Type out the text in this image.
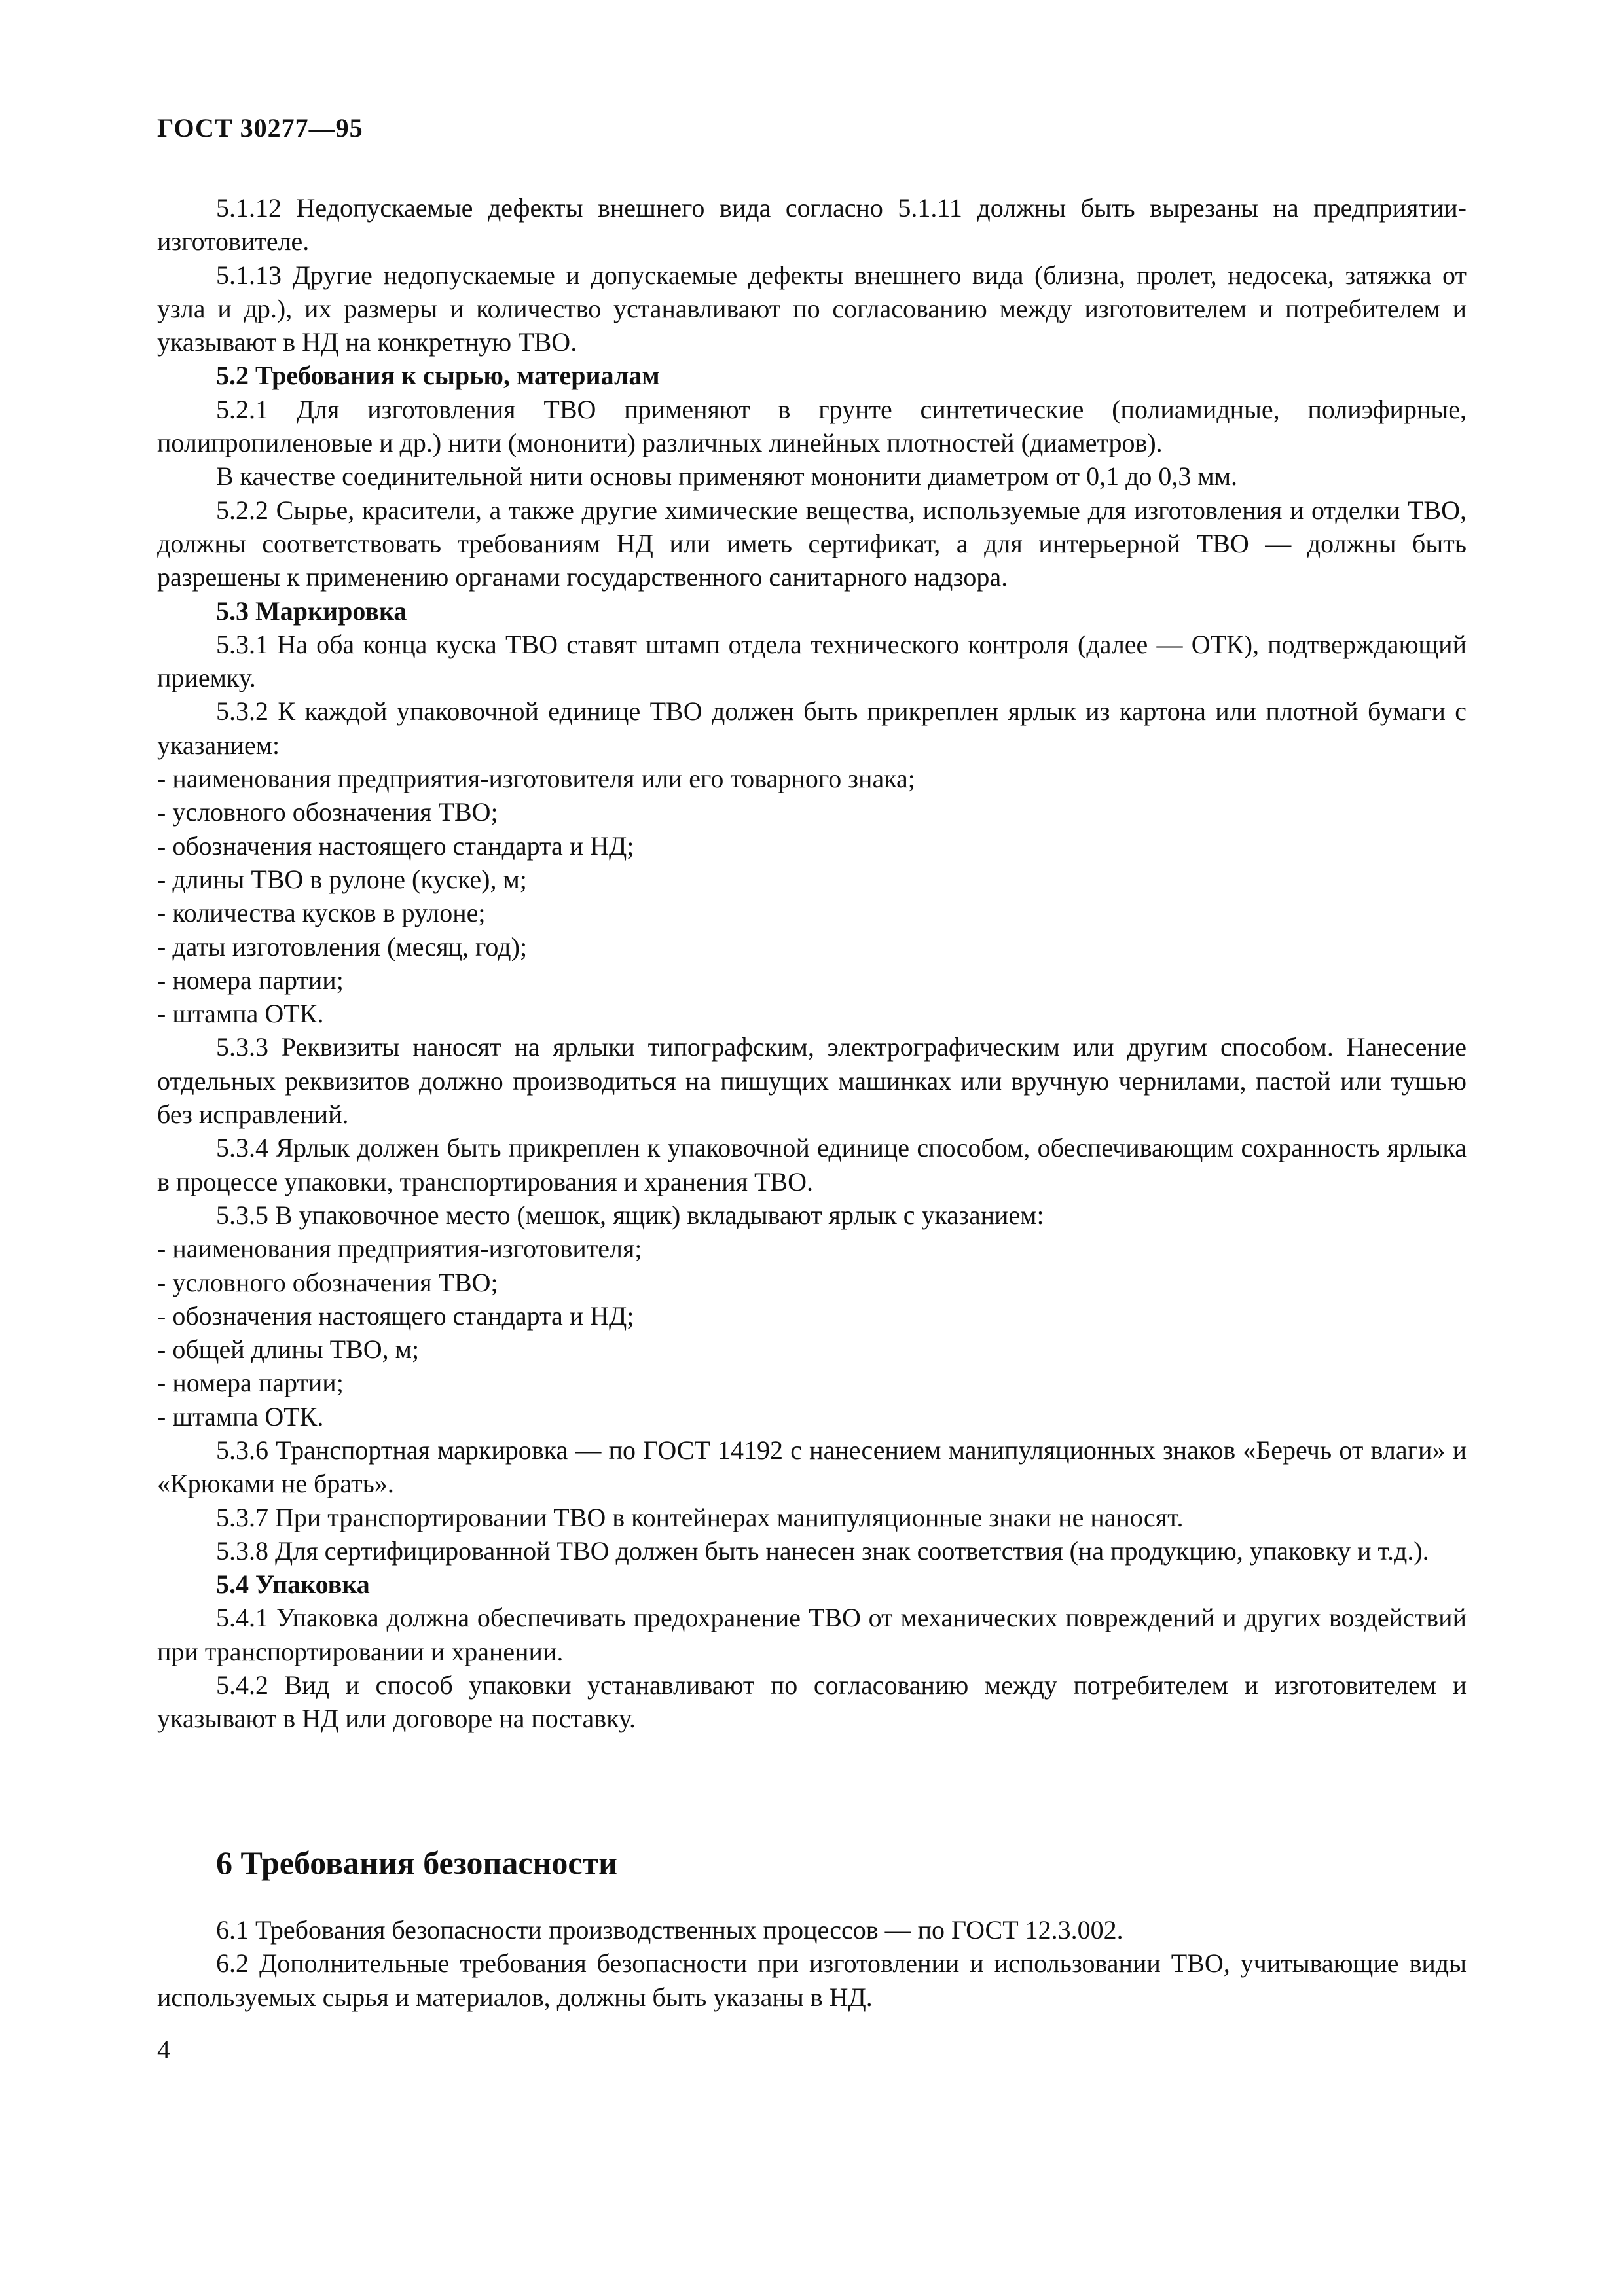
ГОСТ 30277—95

5.1.12 Недопускаемые дефекты внешнего вида согласно 5.1.11 должны быть вырезаны на предприятии-изготовителе.

5.1.13 Другие недопускаемые и допускаемые дефекты внешнего вида (близна, пролет, недосека, затяжка от узла и др.), их размеры и количество устанавливают по согласованию между изготовителем и потребителем и указывают в НД на конкретную ТВО.

5.2 Требования к сырью, материалам

5.2.1 Для изготовления ТВО применяют в грунте синтетические (полиамидные, полиэфирные, полипропиленовые и др.) нити (мононити) различных линейных плотностей (диаметров).

В качестве соединительной нити основы применяют мононити диаметром от 0,1 до 0,3 мм.

5.2.2 Сырье, красители, а также другие химические вещества, используемые для изготовления и отделки ТВО, должны соответствовать требованиям НД или иметь сертификат, а для интерьерной ТВО — должны быть разрешены к применению органами государственного санитарного надзора.

5.3 Маркировка

5.3.1 На оба конца куска ТВО ставят штамп отдела технического контроля (далее — ОТК), подтверждающий приемку.

5.3.2 К каждой упаковочной единице ТВО должен быть прикреплен ярлык из картона или плотной бумаги с указанием:

- наименования предприятия-изготовителя или его товарного знака;

- условного обозначения ТВО;

- обозначения настоящего стандарта и НД;

- длины ТВО в рулоне (куске), м;

- количества кусков в рулоне;

- даты изготовления (месяц, год);

- номера партии;

- штампа ОТК.

5.3.3 Реквизиты наносят на ярлыки типографским, электрографическим или другим способом. Нанесение отдельных реквизитов должно производиться на пишущих машинках или вручную чернилами, пастой или тушью без исправлений.

5.3.4 Ярлык должен быть прикреплен к упаковочной единице способом, обеспечивающим сохранность ярлыка в процессе упаковки, транспортирования и хранения ТВО.

5.3.5 В упаковочное место (мешок, ящик) вкладывают ярлык с указанием:

- наименования предприятия-изготовителя;

- условного обозначения ТВО;

- обозначения настоящего стандарта и НД;

- общей длины ТВО, м;

- номера партии;

- штампа ОТК.

5.3.6 Транспортная маркировка — по ГОСТ 14192 с нанесением манипуляционных знаков «Беречь от влаги» и «Крюками не брать».

5.3.7 При транспортировании ТВО в контейнерах манипуляционные знаки не наносят.

5.3.8 Для сертифицированной ТВО должен быть нанесен знак соответствия (на продукцию, упаковку и т.д.).

5.4 Упаковка

5.4.1 Упаковка должна обеспечивать предохранение ТВО от механических повреждений и других воздействий при транспортировании и хранении.

5.4.2 Вид и способ упаковки устанавливают по согласованию между потребителем и изготовителем и указывают в НД или договоре на поставку.

6 Требования безопасности

6.1 Требования безопасности производственных процессов — по ГОСТ 12.3.002.

6.2 Дополнительные требования безопасности при изготовлении и использовании ТВО, учитывающие виды используемых сырья и материалов, должны быть указаны в НД.

4
